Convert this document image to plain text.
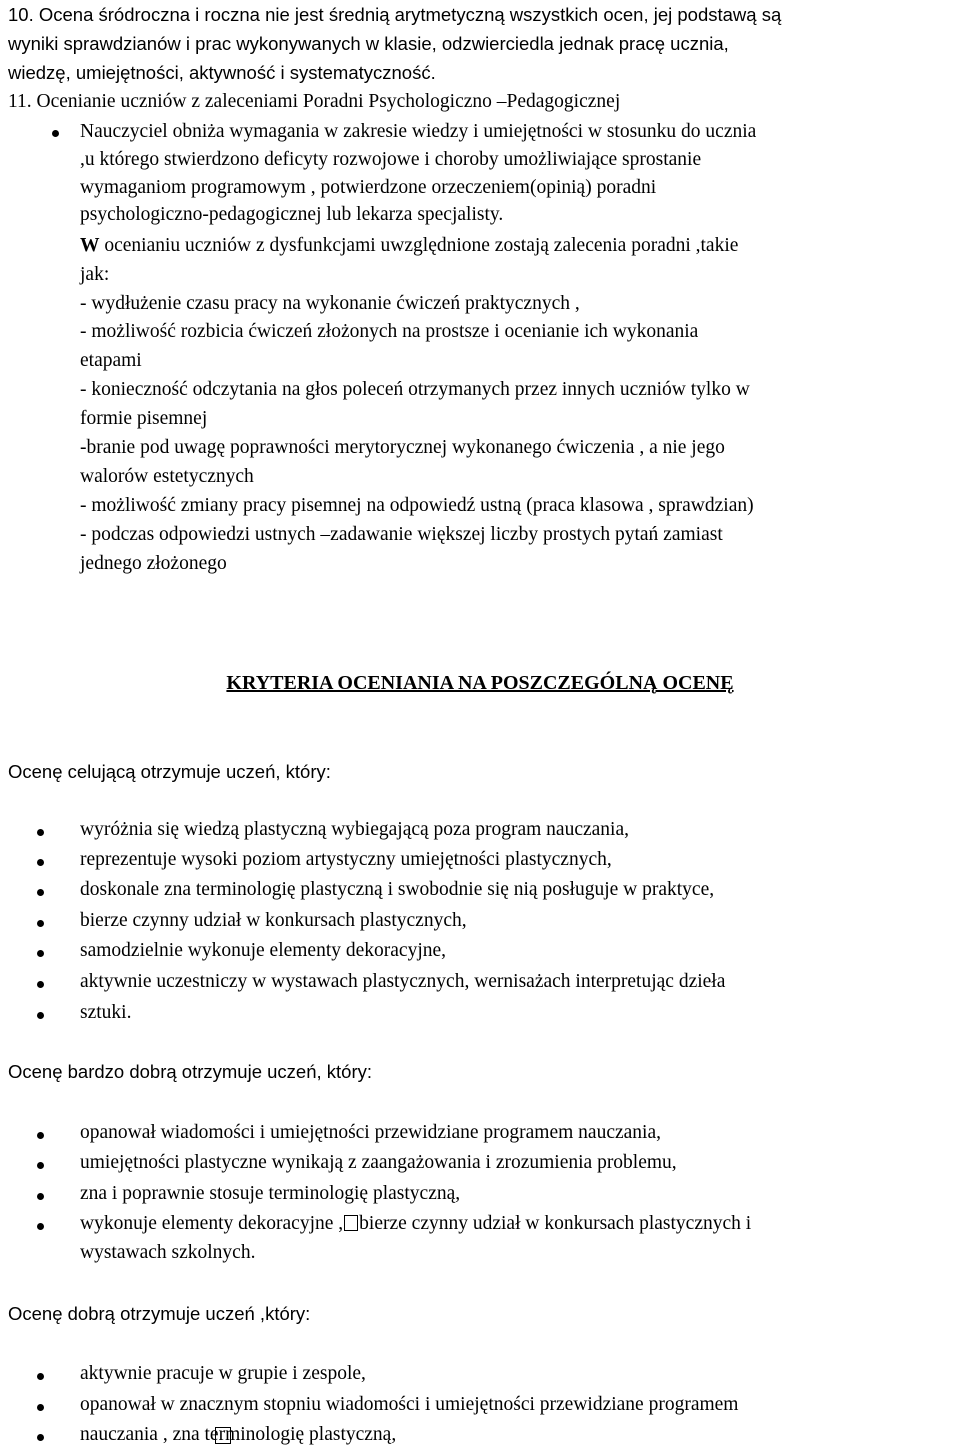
10. Ocena śródroczna i roczna nie jest średnią arytmetyczną wszystkich ocen, jej podstawą są
wyniki sprawdzianów i prac wykonywanych w klasie, odzwierciedla jednak pracę ucznia,
wiedzę, umiejętności, aktywność i systematyczność.
11. Ocenianie uczniów z zaleceniami Poradni Psychologiczno –Pedagogicznej
Nauczyciel obniża wymagania w zakresie wiedzy i umiejętności w stosunku do ucznia
,u którego stwierdzono deficyty rozwojowe i choroby umożliwiające sprostanie
wymaganiom programowym , potwierdzone orzeczeniem(opinią) poradni
psychologiczno-pedagogicznej lub lekarza specjalisty.
W ocenianiu uczniów z dysfunkcjami uwzględnione zostają zalecenia poradni ,takie
jak:
- wydłużenie czasu pracy na wykonanie ćwiczeń praktycznych ,
- możliwość rozbicia ćwiczeń złożonych na prostsze i ocenianie ich wykonania
etapami
- konieczność odczytania na głos poleceń otrzymanych przez innych uczniów tylko w
formie pisemnej
-branie pod uwagę poprawności merytorycznej wykonanego ćwiczenia , a nie jego
walorów estetycznych
- możliwość zmiany pracy pisemnej na odpowiedź ustną (praca klasowa , sprawdzian)
- podczas odpowiedzi ustnych –zadawanie większej liczby prostych pytań zamiast
jednego złożonego
KRYTERIA OCENIANIA NA POSZCZEGÓLNĄ OCENĘ
Ocenę celującą otrzymuje uczeń, który:
wyróżnia się wiedzą plastyczną wybiegającą poza program nauczania,
reprezentuje wysoki poziom artystyczny umiejętności plastycznych,
doskonale zna terminologię plastyczną i swobodnie się nią posługuje w praktyce,
bierze czynny udział w konkursach plastycznych,
samodzielnie wykonuje elementy dekoracyjne,
aktywnie uczestniczy w wystawach plastycznych, wernisażach interpretując dzieła
sztuki.
Ocenę bardzo dobrą otrzymuje uczeń, który:
opanował wiadomości i umiejętności przewidziane programem nauczania,
umiejętności plastyczne wynikają z zaangażowania i zrozumienia problemu,
zna i poprawnie stosuje terminologię plastyczną,
wykonuje elementy dekoracyjne , bierze czynny udział w konkursach plastycznych i
wystawach szkolnych.
Ocenę dobrą otrzymuje uczeń ,który:
aktywnie pracuje w grupie i zespole,
opanował w znacznym stopniu wiadomości i umiejętności przewidziane programem
nauczania , zna terminologię plastyczną,
